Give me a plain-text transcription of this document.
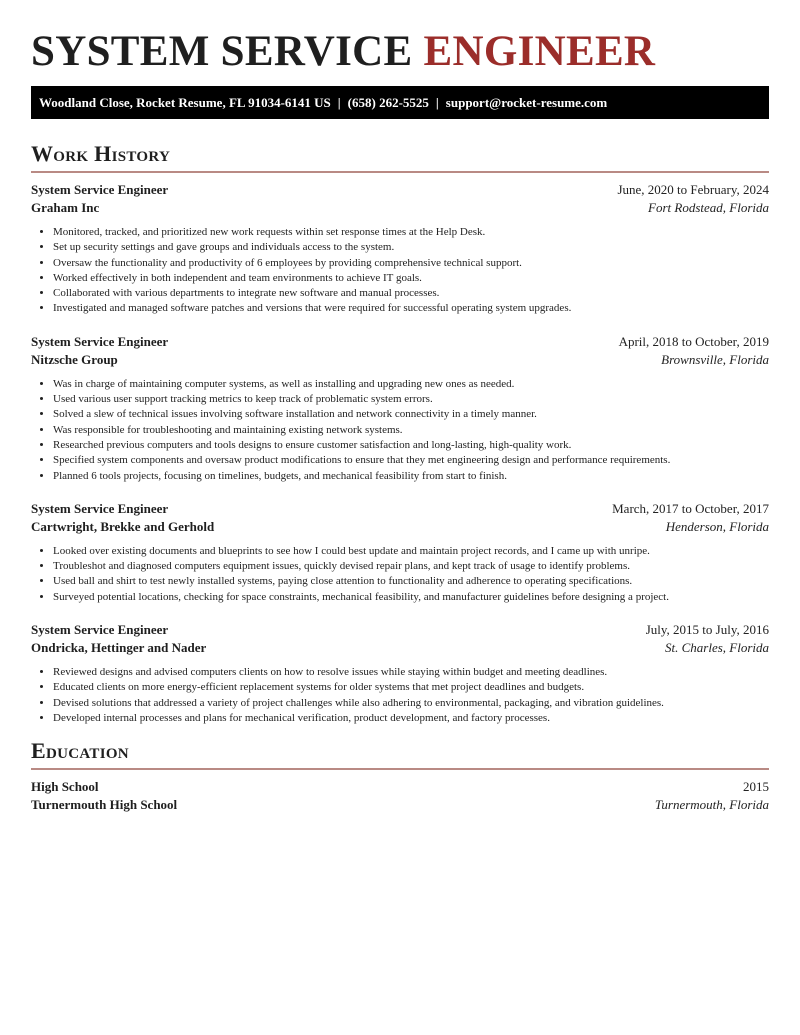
SYSTEM SERVICE ENGINEER
Woodland Close, Rocket Resume, FL 91034-6141 US | (658) 262-5525 | support@rocket-resume.com
Work History
System Service Engineer	June, 2020 to February, 2024
Graham Inc	Fort Rodstead, Florida
• Monitored, tracked, and prioritized new work requests within set response times at the Help Desk.
• Set up security settings and gave groups and individuals access to the system.
• Oversaw the functionality and productivity of 6 employees by providing comprehensive technical support.
• Worked effectively in both independent and team environments to achieve IT goals.
• Collaborated with various departments to integrate new software and manual processes.
• Investigated and managed software patches and versions that were required for successful operating system upgrades.
System Service Engineer	April, 2018 to October, 2019
Nitzsche Group	Brownsville, Florida
• Was in charge of maintaining computer systems, as well as installing and upgrading new ones as needed.
• Used various user support tracking metrics to keep track of problematic system errors.
• Solved a slew of technical issues involving software installation and network connectivity in a timely manner.
• Was responsible for troubleshooting and maintaining existing network systems.
• Researched previous computers and tools designs to ensure customer satisfaction and long-lasting, high-quality work.
• Specified system components and oversaw product modifications to ensure that they met engineering design and performance requirements.
• Planned 6 tools projects, focusing on timelines, budgets, and mechanical feasibility from start to finish.
System Service Engineer	March, 2017 to October, 2017
Cartwright, Brekke and Gerhold	Henderson, Florida
• Looked over existing documents and blueprints to see how I could best update and maintain project records, and I came up with unripe.
• Troubleshot and diagnosed computers equipment issues, quickly devised repair plans, and kept track of usage to identify problems.
• Used ball and shirt to test newly installed systems, paying close attention to functionality and adherence to operating specifications.
• Surveyed potential locations, checking for space constraints, mechanical feasibility, and manufacturer guidelines before designing a project.
System Service Engineer	July, 2015 to July, 2016
Ondricka, Hettinger and Nader	St. Charles, Florida
• Reviewed designs and advised computers clients on how to resolve issues while staying within budget and meeting deadlines.
• Educated clients on more energy-efficient replacement systems for older systems that met project deadlines and budgets.
• Devised solutions that addressed a variety of project challenges while also adhering to environmental, packaging, and vibration guidelines.
• Developed internal processes and plans for mechanical verification, product development, and factory processes.
Education
High School	2015
Turnermouth High School	Turnermouth, Florida
